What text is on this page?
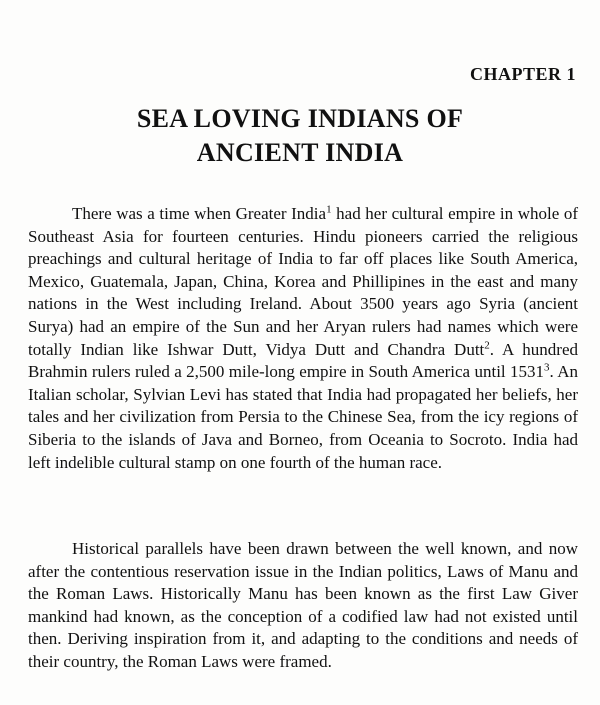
CHAPTER 1
SEA LOVING INDIANS OF
ANCIENT INDIA

There was a time when Greater India$^1$ had her cultural empire in whole of Southeast Asia for fourteen centuries. Hindu pioneers carried the religious preachings and cultural heritage of India to far off places like South America, Mexico, Guatemala, Japan, China, Korea and Phillipines in the east and many nations in the West including Ireland. About 3500 years ago Syria (ancient Surya) had an empire of the Sun and her Aryan rulers had names which were totally Indian like Ishwar Dutt, Vidya Dutt and Chandra Dutt$^2$. A hundred Brahmin rulers ruled a 2,500 mile-long empire in South America until 1531$^3$. An Italian scholar, Sylvian Levi has stated that India had propagated her beliefs, her tales and her civilization from Persia to the Chinese Sea, from the icy regions of Siberia to the islands of Java and Borneo, from Oceania to Socroto. India had left indelible cultural stamp on one fourth of the human race.

Historical parallels have been drawn between the well known, and now after the contentious reservation issue in the Indian politics, Laws of Manu and the Roman Laws. Historically Manu has been known as the first Law Giver mankind had known, as the conception of a codified law had not existed until then. Deriving inspiration from it, and adapting to the conditions and needs of their country, the Roman Laws were framed.
